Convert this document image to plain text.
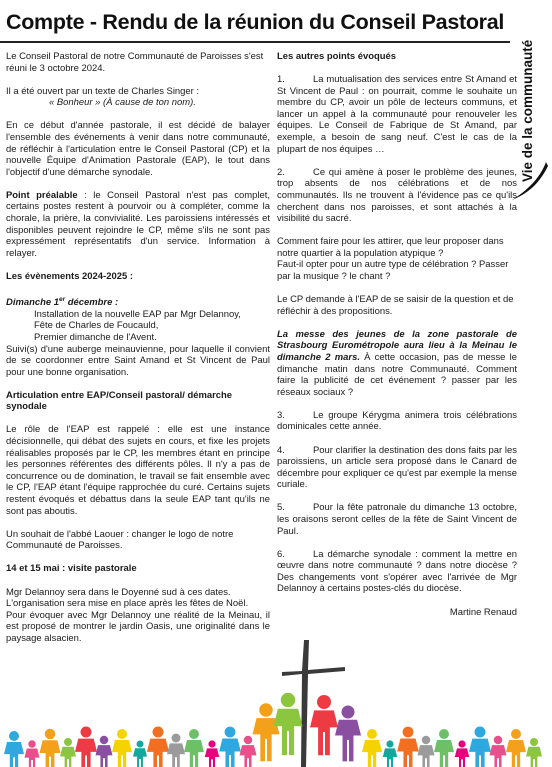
Compte - Rendu de la réunion du Conseil Pastoral
Vie de la communauté

Le Conseil Pastoral de notre Communauté de Paroisses s'est réuni le 3 octobre 2024.

Il a été ouvert par un texte de Charles Singer :
« Bonheur » (À cause de ton nom).

En ce début d'année pastorale, il est décidé de balayer l'ensemble des événements à venir dans notre communauté, de réfléchir à l'articulation entre le Conseil Pastoral (CP) et la nouvelle Équipe d'Animation Pastorale (EAP), le tout dans l'objectif d'une démarche synodale.

Point préalable : le Conseil Pastoral n'est pas complet, certains postes restent à pourvoir ou à compléter, comme la chorale, la prière, la convivialité. Les paroissiens intéressés et disponibles peuvent rejoindre le CP, même s'ils ne sont pas expressément représentatifs d'un service. Information à relayer.

Les évènements 2024-2025 :

Dimanche 1er décembre :
Installation de la nouvelle EAP par Mgr Delannoy,
Fête de Charles de Foucauld,
Premier dimanche de l'Avent.

Suivi(s) d'une auberge meinauvienne, pour laquelle il convient de se coordonner entre Saint Amand et St Vincent de Paul pour une bonne organisation.

Articulation entre EAP/Conseil pastoral/ démarche synodale

Le rôle de l'EAP est rappelé : elle est une instance décisionnelle, qui débat des sujets en cours, et fixe les projets réalisables proposés par le CP, les membres étant en principe les personnes référentes des différents pôles. Il n'y a pas de concurrence ou de domination, le travail se fait ensemble avec le CP, l'EAP étant l'équipe rapprochée du curé. Certains sujets restent évoqués et débattus dans la seule EAP tant qu'ils ne sont pas aboutis.

Un souhait de l'abbé Laouer : changer le logo de notre Communauté de Paroisses.

14 et 15 mai : visite pastorale

Mgr Delannoy sera dans le Doyenné sud à ces dates. L'organisation sera mise en place après les fêtes de Noël.

Pour évoquer avec Mgr Delannoy une réalité de la Meinau, il est proposé de montrer le jardin Oasis, une originalité dans le paysage alsacien.

Les autres points évoqués

1.	La mutualisation des services entre St Amand et St Vincent de Paul : on pourrait, comme le souhaite un membre du CP, avoir un pôle de lecteurs communs, et lancer un appel à la communauté pour renouveler les équipes. Le Conseil de Fabrique de St Amand, par exemple, a besoin de sang neuf. C'est le cas de la plupart de nos équipes …

2.	Ce qui amène à poser le problème des jeunes, trop absents de nos célébrations et de nos communautés. Ils ne trouvent à l'évidence pas ce qu'ils cherchent dans nos paroisses, et sont attachés à la visibilité du sacré.

Comment faire pour les attirer, que leur proposer dans notre quartier à la population atypique ?
Faut-il opter pour un autre type de célébration ? Passer par la musique ? le chant ?

Le CP demande à l'EAP de se saisir de la question et de réfléchir à des propositions.

La messe des jeunes de la zone pastorale de Strasbourg Eurométropole aura lieu à la Meinau le dimanche 2 mars. À cette occasion, pas de messe le dimanche matin dans notre Communauté. Comment faire la publicité de cet événement ? passer par les réseaux sociaux ?

3.	Le groupe Kérygma animera trois célébrations dominicales cette année.

4.	Pour clarifier la destination des dons faits par les paroissiens, un article sera proposé dans le Canard de décembre pour expliquer ce qu'est par exemple la mense curiale.

5.	Pour la fête patronale du dimanche 13 octobre, les oraisons seront celles de la fête de Saint Vincent de Paul.

6.	La démarche synodale : comment la mettre en œuvre dans notre communauté ? dans notre diocèse ? Des changements vont s'opérer avec l'arrivée de Mgr Delannoy à certains postes-clés du diocèse.

Martine Renaud
